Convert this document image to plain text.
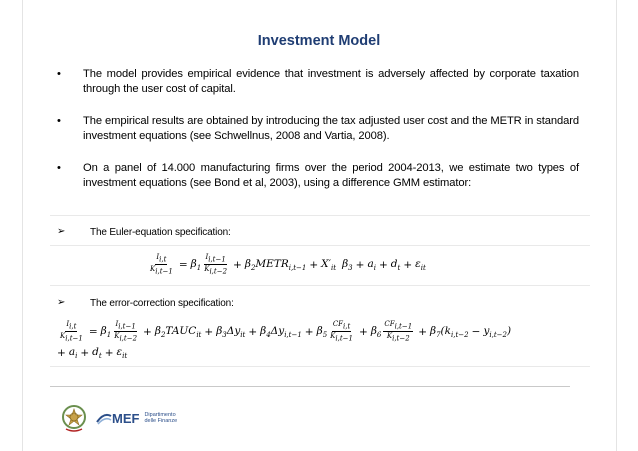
Investment Model
• The model provides empirical evidence that investment is adversely affected by corporate taxation through the user cost of capital.
• The empirical results are obtained by introducing the tax adjusted user cost and the METR in standard investment equations (see Schwellnus, 2008 and Vartia, 2008).
• On a panel of 14.000 manufacturing firms over the period 2004-2013, we estimate two types of investment equations (see Bond et al, 2003), using a difference GMM estimator:
➢ The Euler-equation specification:
$\frac{I_{i,t}}{K_{i,t-1}} = \beta_1 \frac{I_{i,t-1}}{K_{i,t-2}}$ + $\beta_2METR_{i,t-1} + X'_{it}$ $\beta_3 + a_i + d_t + \varepsilon_{it}$
➢ The error-correction specification:
$\frac{I_{i,t}}{K_{i,t-1}} = \beta_1 \frac{I_{i,t-1}}{K_{i,t-2}}$ + $\beta_2TAUC_{it} + \beta_3\Delta y_{it} + \beta_4\Delta y_{i,t-1} + \beta_5 \frac{CF_{i,t}}{K_{i,t-1}} + \beta_6 \frac{CF_{i,t-1}}{K_{i,t-2}} + \beta_7(k_{i,t-2} - y_{i,t-2})$
+ $a_i + d_t + \varepsilon_{it}$
MEF Dipartimento
delle Finanze
